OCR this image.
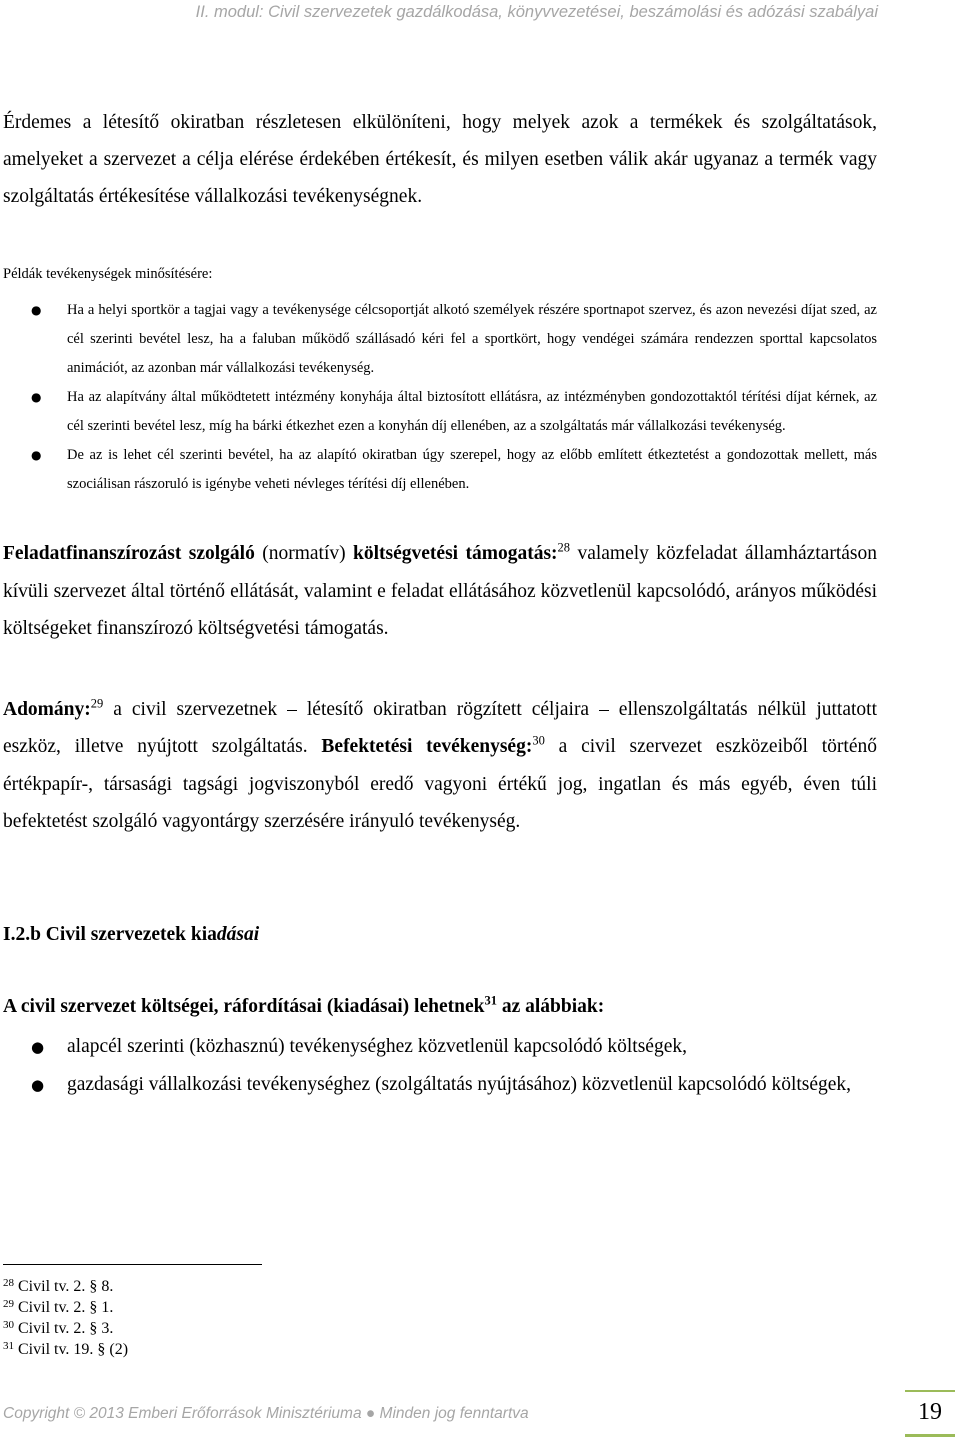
II. modul: Civil szervezetek gazdálkodása, könyvvezetései, beszámolási és adózási szabályai

Érdemes a létesítő okiratban részletesen elkülöníteni, hogy melyek azok a termékek és szolgáltatások, amelyeket a szervezet a célja elérése érdekében értékesít, és milyen esetben válik akár ugyanaz a termék vagy szolgáltatás értékesítése vállalkozási tevékenységnek.

Példák tevékenységek minősítésére:

● Ha a helyi sportkör a tagjai vagy a tevékenysége célcsoportját alkotó személyek részére sportnapot szervez, és azon nevezési díjat szed, az cél szerinti bevétel lesz, ha a faluban működő szállásadó kéri fel a sportkört, hogy vendégei számára rendezzen sporttal kapcsolatos animációt, az azonban már vállalkozási tevékenység.
● Ha az alapítvány által működtetett intézmény konyhája által biztosított ellátásra, az intézményben gondozottaktól térítési díjat kérnek, az cél szerinti bevétel lesz, míg ha bárki étkezhet ezen a konyhán díj ellenében, az a szolgáltatás már vállalkozási tevékenység.
● De az is lehet cél szerinti bevétel, ha az alapító okiratban úgy szerepel, hogy az előbb említett étkeztetést a gondozottak mellett, más szociálisan rászoruló is igénybe veheti névleges térítési díj ellenében.

Feladatfinanszírozást szolgáló (normatív) költségvetési támogatás:$^{28}$ valamely közfeladat államháztartáson kívüli szervezet által történő ellátását, valamint e feladat ellátásához közvetlenül kapcsolódó, arányos működési költségeket finanszírozó költségvetési támogatás.

Adomány:$^{29}$ a civil szervezetnek – létesítő okiratban rögzített céljaira – ellenszolgáltatás nélkül juttatott eszköz, illetve nyújtott szolgáltatás. Befektetési tevékenység:$^{30}$ a civil szervezet eszközeiből történő értékpapír-, társasági tagsági jogviszonyból eredő vagyoni értékű jog, ingatlan és más egyéb, éven túli befektetést szolgáló vagyontárgy szerzésére irányuló tevékenység.

I.2.b Civil szervezetek kiadásai

A civil szervezet költségei, ráfordításai (kiadásai) lehetnek$^{31}$ az alábbiak:

● alapcél szerinti (közhasznú) tevékenységhez közvetlenül kapcsolódó költségek,
● gazdasági vállalkozási tevékenységhez (szolgáltatás nyújtásához) közvetlenül kapcsolódó költségek,
$^{28}$ Civil tv. 2. § 8.
$^{29}$ Civil tv. 2. § 1.
$^{30}$ Civil tv. 2. § 3.
$^{31}$ Civil tv. 19. § (2)
Copyright © 2013 Emberi Erőforrások Minisztériuma ● Minden jog fenntartva	19
